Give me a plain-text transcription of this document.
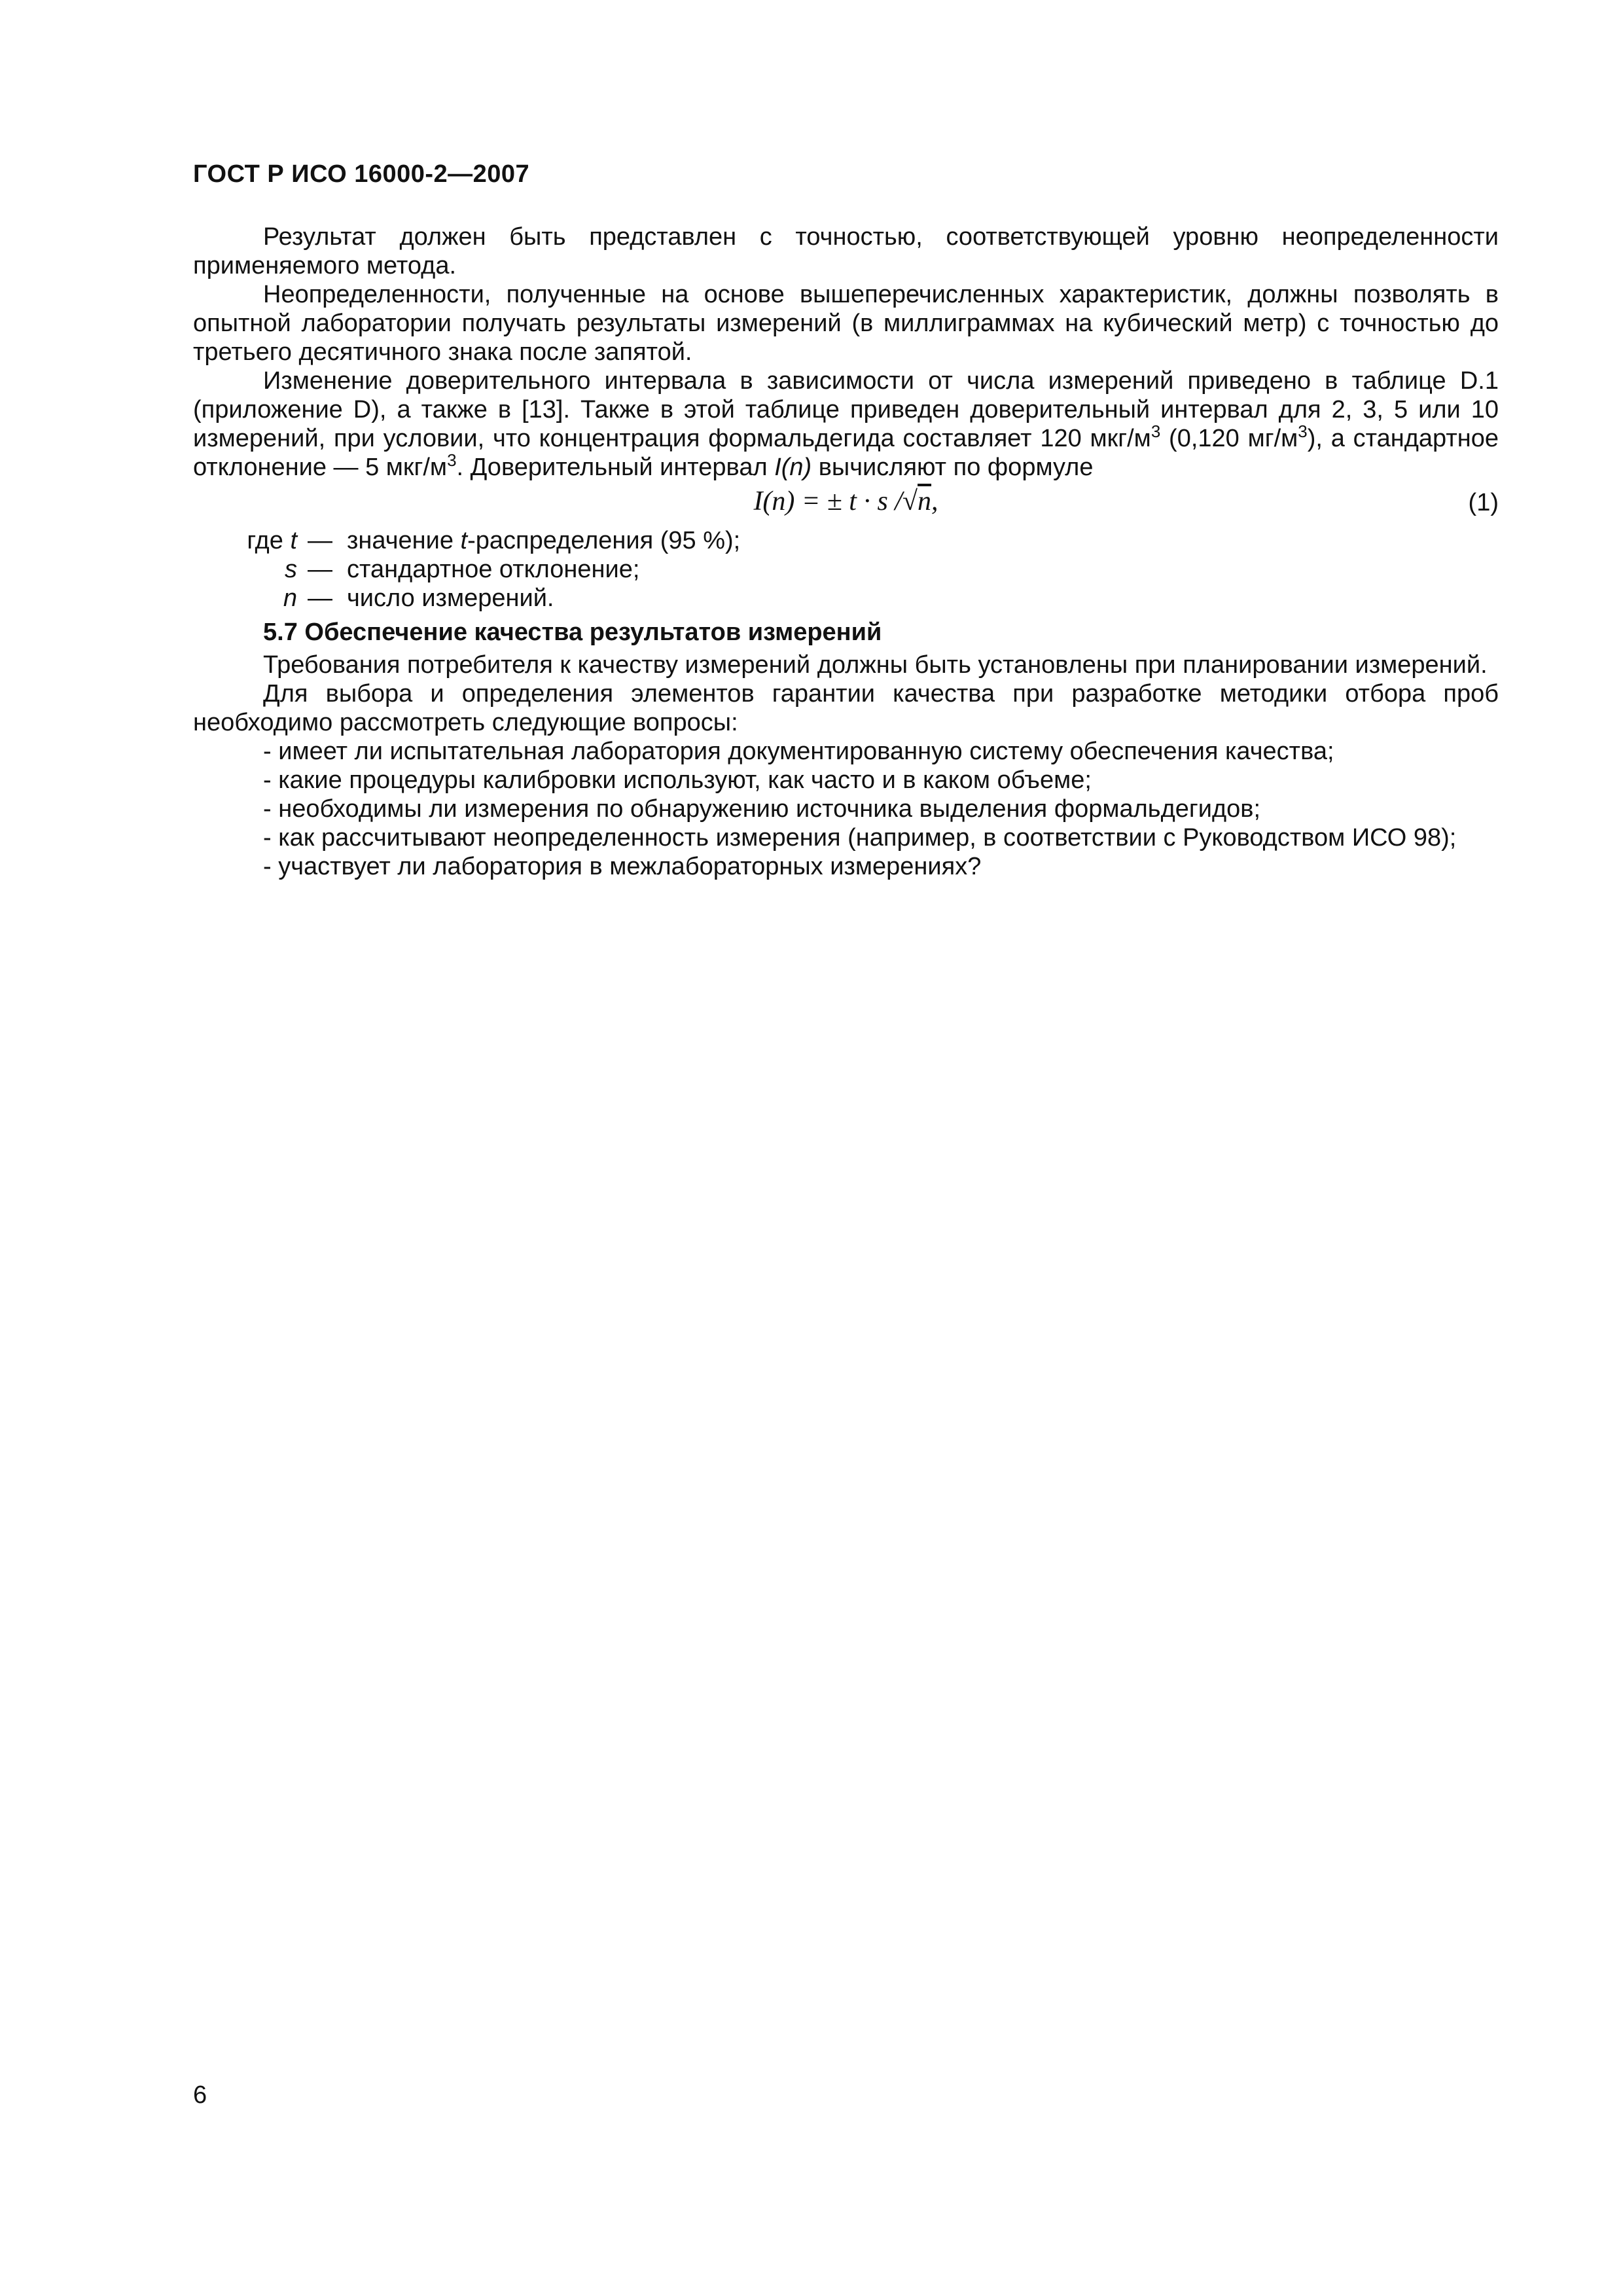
ГОСТ Р ИСО 16000-2—2007

Результат должен быть представлен с точностью, соответствующей уровню неопределенности применяемого метода.

Неопределенности, полученные на основе вышеперечисленных характеристик, должны позволять в опытной лаборатории получать результаты измерений (в миллиграммах на кубический метр) с точностью до третьего десятичного знака после запятой.

Изменение доверительного интервала в зависимости от числа измерений приведено в таблице D.1 (приложение D), а также в [13]. Также в этой таблице приведен доверительный интервал для 2, 3, 5 или 10 измерений, при условии, что концентрация формальдегида составляет 120 мкг/$м^3$ (0,120 $мг/м^3$), а стандартное отклонение — 5 мкг/$м^3$. Доверительный интервал I(n) вычисляют по формуле

I(n) = ± t · s /√n,	(1)
где t — значение t-распределения (95 %);
s — стандартное отклонение;
n — число измерений.

5.7 Обеспечение качества результатов измерений

Требования потребителя к качеству измерений должны быть установлены при планировании измерений.

Для выбора и определения элементов гарантии качества при разработке методики отбора проб необходимо рассмотреть следующие вопросы:

- имеет ли испытательная лаборатория документированную систему обеспечения качества;

- какие процедуры калибровки используют, как часто и в каком объеме;

- необходимы ли измерения по обнаружению источника выделения формальдегидов;

- как рассчитывают неопределенность измерения (например, в соответствии с Руководством ИСО 98);

- участвует ли лаборатория в межлабораторных измерениях?

6
